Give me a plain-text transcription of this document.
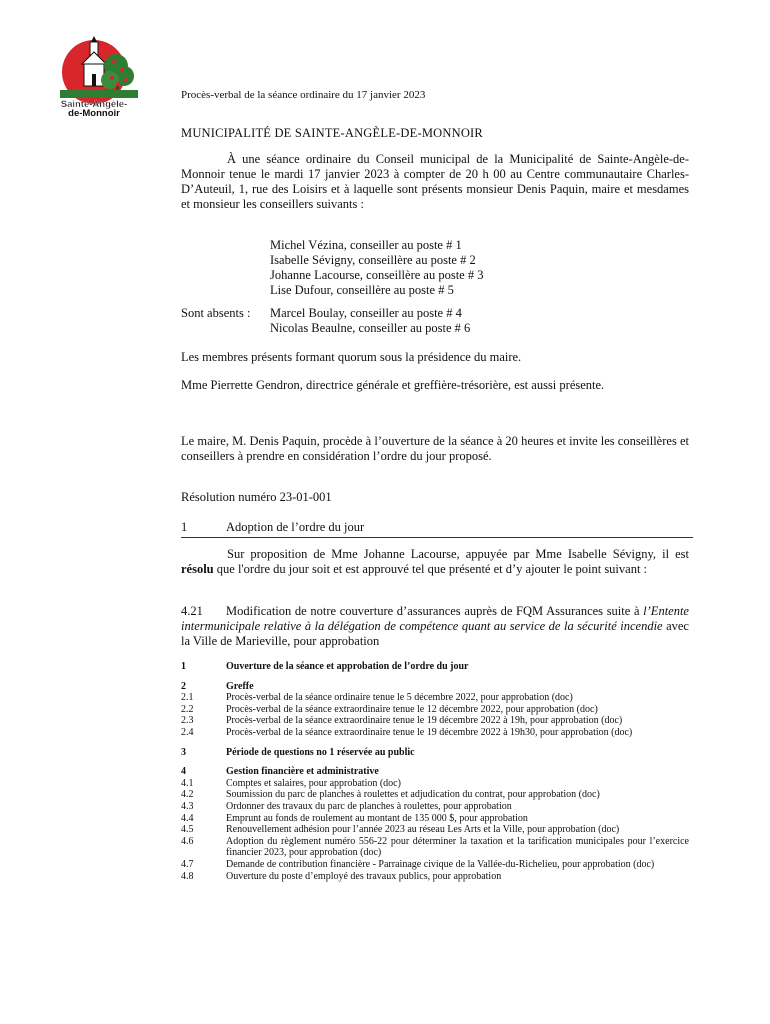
Sainte-Angèle-
de-Monnoir
Procès-verbal de la séance ordinaire du 17 janvier 2023
MUNICIPALITÉ DE SAINTE-ANGÈLE-DE-MONNOIR
À une séance ordinaire du Conseil municipal de la Municipalité de Sainte-Angèle-de-Monnoir tenue le mardi 17 janvier 2023 à compter de 20 h 00 au Centre communautaire Charles-D’Auteuil, 1, rue des Loisirs et à laquelle sont présents monsieur Denis Paquin, maire et mesdames et monsieur les conseillers suivants :
Michel Vézina, conseiller au poste # 1
Isabelle Sévigny, conseillère au poste # 2
Johanne Lacourse, conseillère au poste # 3
Lise Dufour, conseillère au poste # 5
Sont absents : Marcel Boulay, conseiller au poste # 4
Nicolas Beaulne, conseiller au poste # 6
Les membres présents formant quorum sous la présidence du maire.
Mme Pierrette Gendron, directrice générale et greffière-trésorière, est aussi présente.
Le maire, M. Denis Paquin, procède à l’ouverture de la séance à 20 heures et invite les conseillères et conseillers à prendre en considération l’ordre du jour proposé.
Résolution numéro 23-01-001
1	Adoption de l’ordre du jour
Sur proposition de Mme Johanne Lacourse, appuyée par Mme Isabelle Sévigny, il est résolu que l'ordre du jour soit et est approuvé tel que présenté et d’y ajouter le point suivant :
4.21 Modification de notre couverture d’assurances auprès de FQM Assurances suite à l’Entente intermunicipale relative à la délégation de compétence quant au service de la sécurité incendie avec la Ville de Marieville, pour approbation
1	Ouverture de la séance et approbation de l’ordre du jour
2	Greffe
2.1	Procès-verbal de la séance ordinaire tenue le 5 décembre 2022, pour approbation (doc)
2.2	Procès-verbal de la séance extraordinaire tenue le 12 décembre 2022, pour approbation (doc)
2.3	Procès-verbal de la séance extraordinaire tenue le 19 décembre 2022 à 19h, pour approbation (doc)
2.4	Procès-verbal de la séance extraordinaire tenue le 19 décembre 2022 à 19h30, pour approbation (doc)
3	Période de questions no 1 réservée au public
4	Gestion financière et administrative
4.1	Comptes et salaires, pour approbation (doc)
4.2	Soumission du parc de planches à roulettes et adjudication du contrat, pour approbation (doc)
4.3	Ordonner des travaux du parc de planches à roulettes, pour approbation
4.4	Emprunt au fonds de roulement au montant de 135 000 $, pour approbation
4.5	Renouvellement adhésion pour l’année 2023 au réseau Les Arts et la Ville, pour approbation (doc)
4.6	Adoption du règlement numéro 556-22 pour déterminer la taxation et la tarification municipales pour l’exercice financier 2023, pour approbation (doc)
4.7	Demande de contribution financière - Parrainage civique de la Vallée-du-Richelieu, pour approbation (doc)
4.8	Ouverture du poste d’employé des travaux publics, pour approbation
